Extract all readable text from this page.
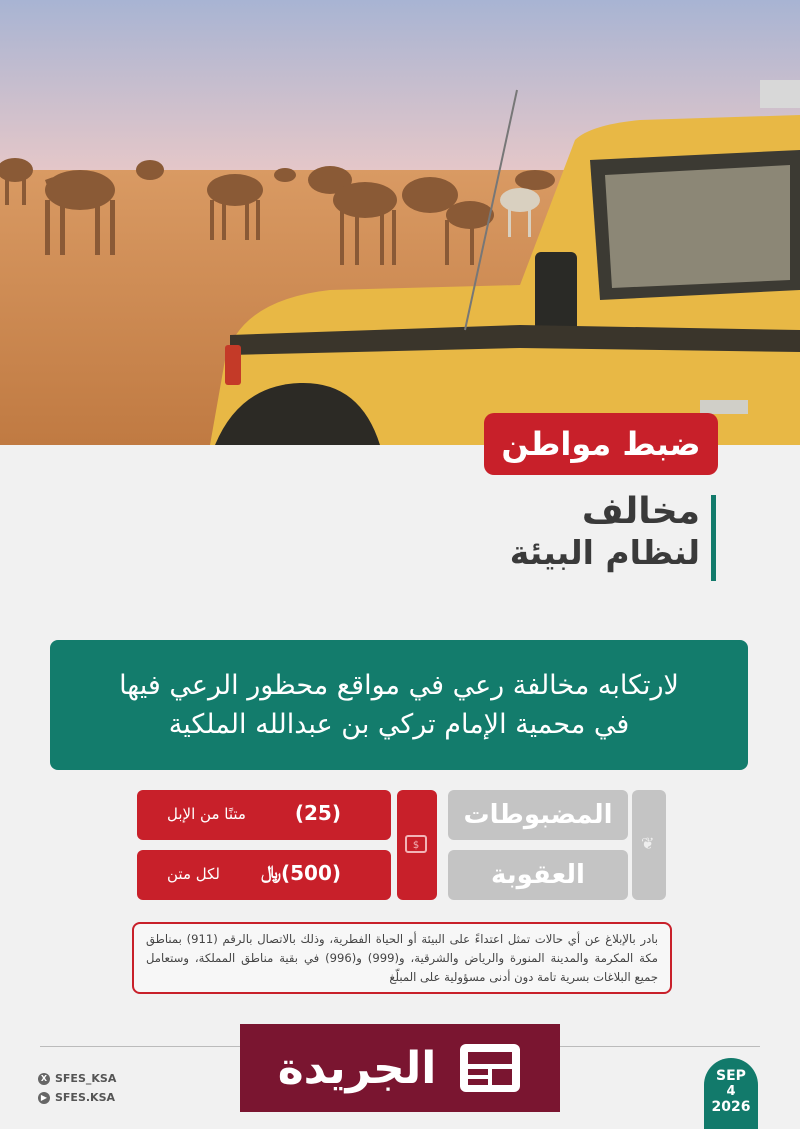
ضبط مواطن
مخالف
لنظام البيئة
لارتكابه مخالفة رعي في مواقع محظور الرعي فيها
في محمية الإمام تركي بن عبدالله الملكية
❦
المضبوطات
العقوبة
$
(25)
متنًا من الإبل
(500)
﷼
لكل متن
بادر بالإبلاغ عن أي حالات تمثل اعتداءً على البيئة أو الحياة الفطرية، وذلك بالاتصال بالرقم (911) بمناطق مكة المكرمة والمدينة المنورة والرياض والشرقية، و(999) و(996) في بقية مناطق المملكة، وستعامل جميع البلاغات بسرية تامة دون أدنى مسؤولية على المبلّغ
X SFES_KSA
▶ SFES.KSA
الجريدة	SEP
4
2026
